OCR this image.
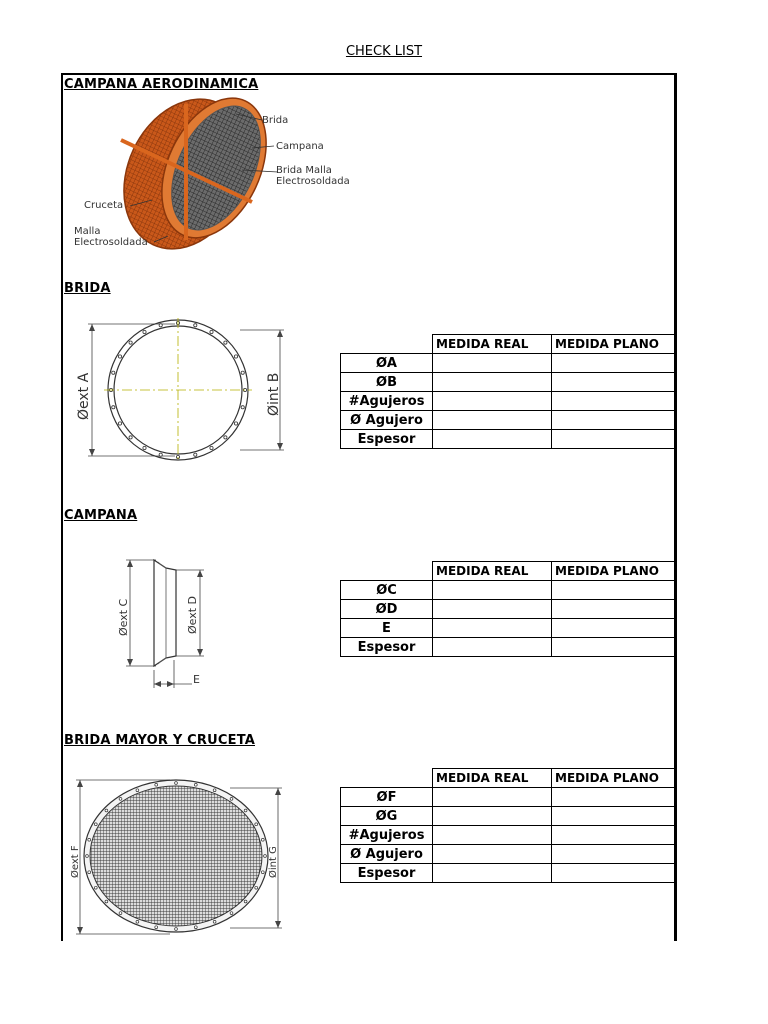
CHECK LIST
CAMPANA AERODINAMICA
Brida
Campana
Brida Malla
Electrosoldada
Cruceta
Malla
Electrosoldada
BRIDA
Øext A	Øint B
	MEDIDA REAL	MEDIDA PLANO
ØA		
ØB		
#Agujeros		
Ø Agujero		
Espesor		
CAMPANA
Øext C	Øext D
E
	MEDIDA REAL	MEDIDA PLANO
ØC		
ØD		
E		
Espesor		
BRIDA MAYOR Y CRUCETA
Øext F	Øint G
	MEDIDA REAL	MEDIDA PLANO
ØF		
ØG		
#Agujeros		
Ø Agujero		
Espesor		
